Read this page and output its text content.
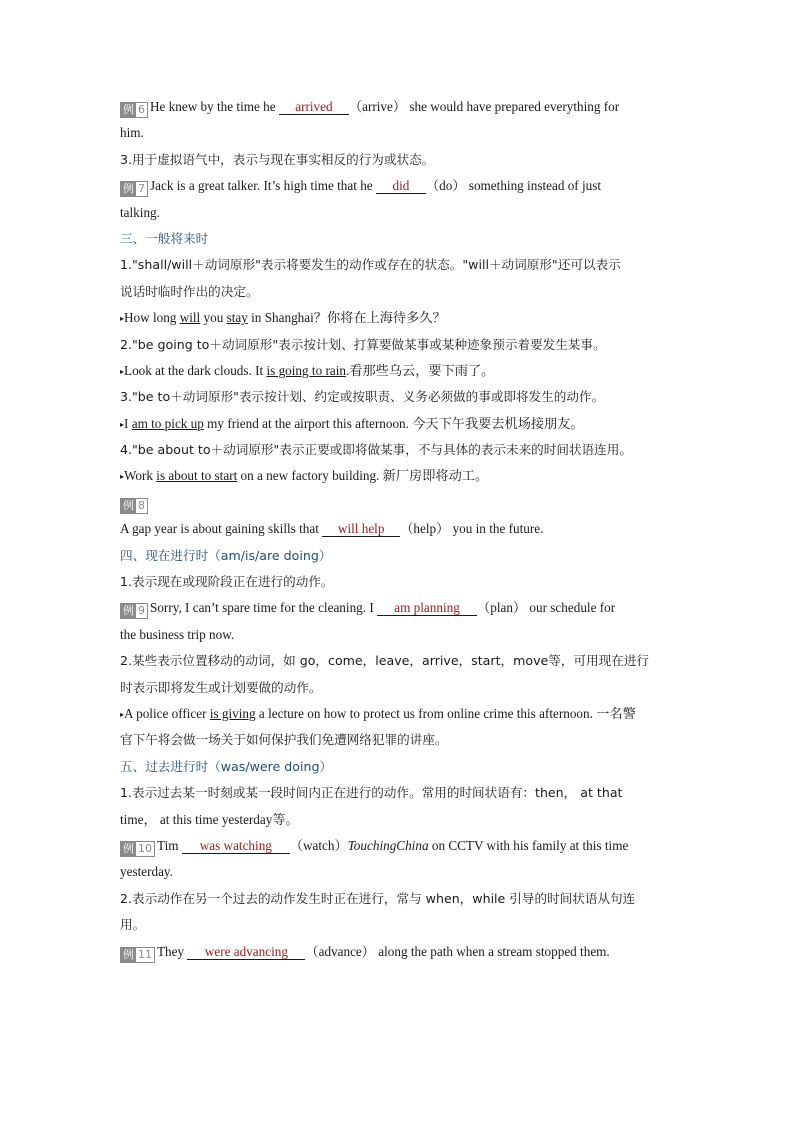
例 6 He knew by the time he arrived （arrive） she would have prepared everything for
him.
3.用于虚拟语气中，表示与现在事实相反的行为或状态。
例 7 Jack is a great talker. It’s high time that he did （do） something instead of just
talking.
三、一般将来时
1."shall/will＋动词原形"表示将要发生的动作或存在的状态。"will＋动词原形"还可以表示
说话时临时作出的决定。
▸How long will you stay in Shanghai？你将在上海待多久？
2."be going to＋动词原形"表示按计划、打算要做某事或某种迹象预示着要发生某事。
▸Look at the dark clouds. It is going to rain.看那些乌云，要下雨了。
3."be to＋动词原形"表示按计划、约定或按职责、义务必须做的事或即将发生的动作。
▸I am to pick up my friend at the airport this afternoon. 今天下午我要去机场接朋友。
4."be about to＋动词原形"表示正要或即将做某事，不与具体的表示未来的时间状语连用。
▸Work is about to start on a new factory building. 新厂房即将动工。
例 8
A gap year is about gaining skills that will help （help） you in the future.
四、现在进行时（am/is/are doing）
1.表示现在或现阶段正在进行的动作。
例 9 Sorry, I can’t spare time for the cleaning. I am planning （plan） our schedule for
the business trip now.
2.某些表示位置移动的动词，如 go，come，leave，arrive，start，move等，可用现在进行
时表示即将发生或计划要做的动作。
▸A police officer is giving a lecture on how to protect us from online crime this afternoon. 一名警
官下午将会做一场关于如何保护我们免遭网络犯罪的讲座。
五、过去进行时（was/were doing）
1.表示过去某一时刻或某一段时间内正在进行的动作。常用的时间状语有：then， at that
time， at this time yesterday等。
例 10 Tim was watching （watch）TouchingChina on CCTV with his family at this time
yesterday.
2.表示动作在另一个过去的动作发生时正在进行，常与 when，while 引导的时间状语从句连
用。
例 11 They were advancing （advance） along the path when a stream stopped them.
